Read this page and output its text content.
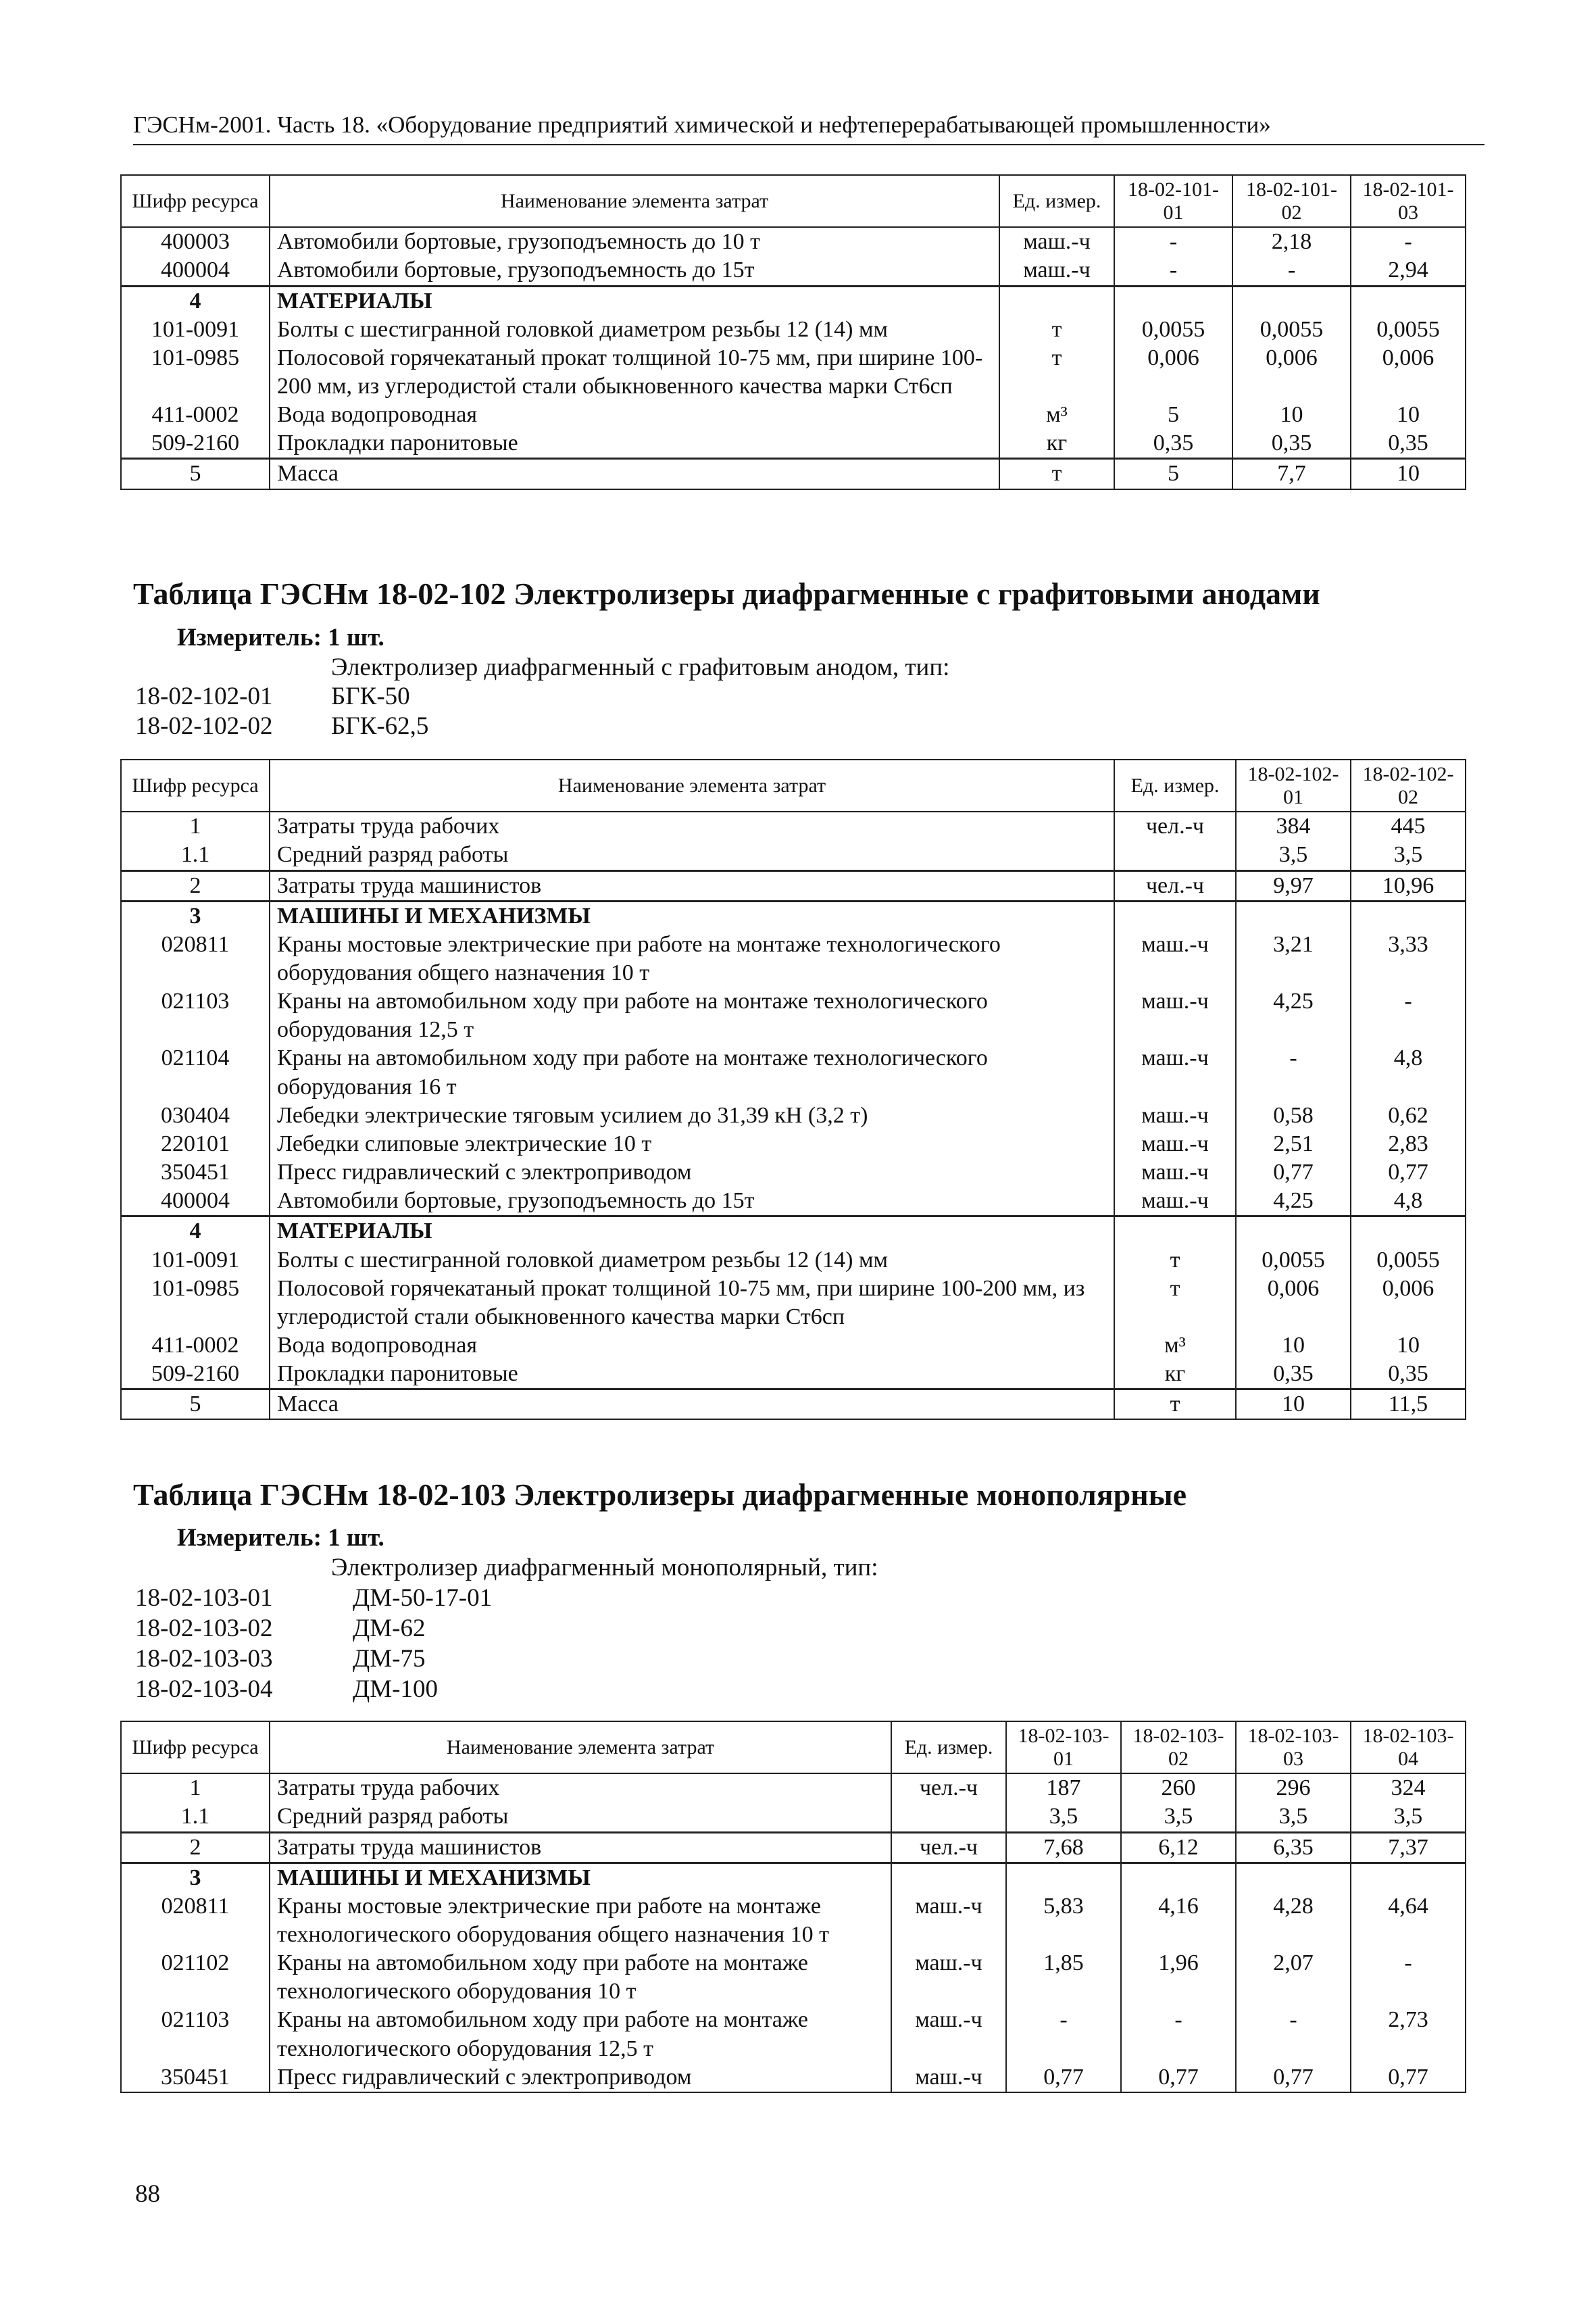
ГЭСНм-2001. Часть 18. «Оборудование предприятий химической и нефтеперерабатывающей промышленности»
Шифр ресурса	Наименование элемента затрат	Ед. измер.	18-02-101-01	18-02-101-02	18-02-101-03
400003	Автомобили бортовые, грузоподъемность до 10 т	маш.-ч	-	2,18	-
400004	Автомобили бортовые, грузоподъемность до 15т	маш.-ч	-	-	2,94
4	МАТЕРИАЛЫ				
101-0091	Болты с шестигранной головкой диаметром резьбы 12 (14) мм	т	0,0055	0,0055	0,0055
101-0985	Полосовой горячекатаный прокат толщиной 10-75 мм, при ширине 100-200 мм, из углеродистой стали обыкновенного качества марки Ст6сп	т	0,006	0,006	0,006
411-0002	Вода водопроводная	м³	5	10	10
509-2160	Прокладки паронитовые	кг	0,35	0,35	0,35
5	Масса	т	5	7,7	10
Таблица ГЭСНм 18-02-102 Электролизеры диафрагменные с графитовыми анодами
Измеритель: 1 шт.
Электролизер диафрагменный с графитовым анодом, тип:
18-02-102-01 БГК-50
18-02-102-02 БГК-62,5
Шифр ресурса	Наименование элемента затрат	Ед. измер.	18-02-102-01	18-02-102-02
1	Затраты труда рабочих	чел.-ч	384	445
1.1	Средний разряд работы		3,5	3,5
2	Затраты труда машинистов	чел.-ч	9,97	10,96
3	МАШИНЫ И МЕХАНИЗМЫ			
020811	Краны мостовые электрические при работе на монтаже технологического оборудования общего назначения 10 т	маш.-ч	3,21	3,33
021103	Краны на автомобильном ходу при работе на монтаже технологического оборудования 12,5 т	маш.-ч	4,25	-
021104	Краны на автомобильном ходу при работе на монтаже технологического оборудования 16 т	маш.-ч	-	4,8
030404	Лебедки электрические тяговым усилием до 31,39 кН (3,2 т)	маш.-ч	0,58	0,62
220101	Лебедки слиповые электрические 10 т	маш.-ч	2,51	2,83
350451	Пресс гидравлический с электроприводом	маш.-ч	0,77	0,77
400004	Автомобили бортовые, грузоподъемность до 15т	маш.-ч	4,25	4,8
4	МАТЕРИАЛЫ			
101-0091	Болты с шестигранной головкой диаметром резьбы 12 (14) мм	т	0,0055	0,0055
101-0985	Полосовой горячекатаный прокат толщиной 10-75 мм, при ширине 100-200 мм, из углеродистой стали обыкновенного качества марки Ст6сп	т	0,006	0,006
411-0002	Вода водопроводная	м³	10	10
509-2160	Прокладки паронитовые	кг	0,35	0,35
5	Масса	т	10	11,5
Таблица ГЭСНм 18-02-103 Электролизеры диафрагменные монополярные
Измеритель: 1 шт.
Электролизер диафрагменный монополярный, тип:
18-02-103-01	ДМ-50-17-01
18-02-103-02	ДМ-62
18-02-103-03	ДМ-75
18-02-103-04	ДМ-100
Шифр ресурса	Наименование элемента затрат	Ед. измер.	18-02-103-01	18-02-103-02	18-02-103-03	18-02-103-04
1	Затраты труда рабочих	чел.-ч	187	260	296	324
1.1	Средний разряд работы		3,5	3,5	3,5	3,5
2	Затраты труда машинистов	чел.-ч	7,68	6,12	6,35	7,37
3	МАШИНЫ И МЕХАНИЗМЫ					
020811	Краны мостовые электрические при работе на монтаже технологического оборудования общего назначения 10 т	маш.-ч	5,83	4,16	4,28	4,64
021102	Краны на автомобильном ходу при работе на монтаже технологического оборудования 10 т	маш.-ч	1,85	1,96	2,07	-
021103	Краны на автомобильном ходу при работе на монтаже технологического оборудования 12,5 т	маш.-ч	-	-	-	2,73
350451	Пресс гидравлический с электроприводом	маш.-ч	0,77	0,77	0,77	0,77
88
